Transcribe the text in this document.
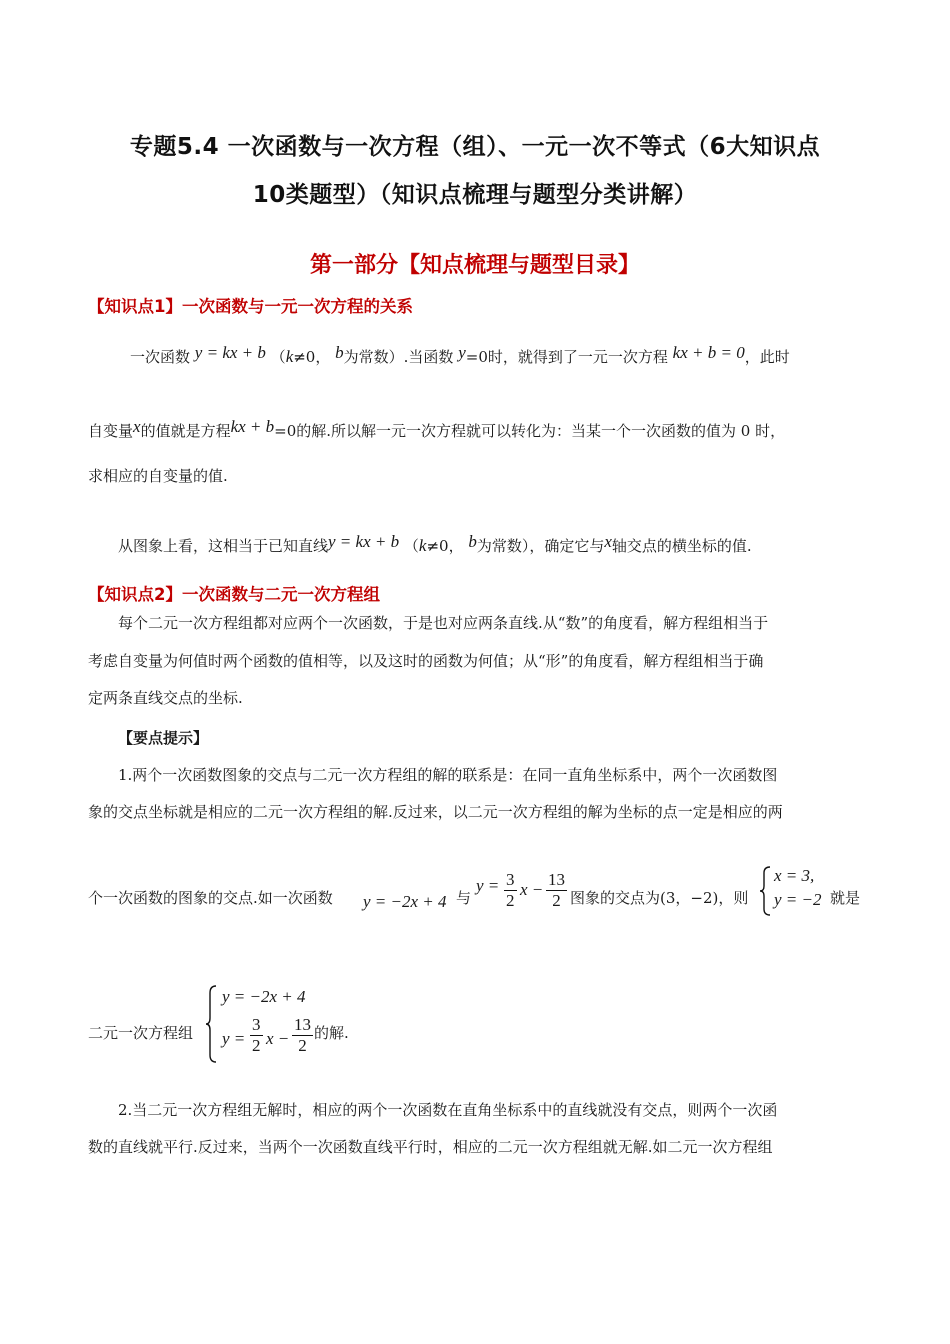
专题5.4 一次函数与一次方程（组）、一元一次不等式（6大知识点
10类题型）（知识点梳理与题型分类讲解）
第一部分【知点梳理与题型目录】
【知识点1】一次函数与一元一次方程的关系
一次函数 y = kx + b （k≠0， b为常数）.当函数 y=0时，就得到了一元一次方程 kx + b = 0，此时
自变量x的值就是方程kx + b=0的解.所以解一元一次方程就可以转化为：当某一个一次函数的值为 0 时，
求相应的自变量的值.
从图象上看，这相当于已知直线y = kx + b （k≠0， b为常数），确定它与x轴交点的横坐标的值.
【知识点2】一次函数与二元一次方程组
每个二元一次方程组都对应两个一次函数，于是也对应两条直线.从“数”的角度看，解方程组相当于
考虑自变量为何值时两个函数的值相等，以及这时的函数为何值；从“形”的角度看，解方程组相当于确
定两条直线交点的坐标.
【要点提示】
1.两个一次函数图象的交点与二元一次方程组的解的联系是：在同一直角坐标系中，两个一次函数图
象的交点坐标就是相应的二元一次方程组的解.反过来，以二元一次方程组的解为坐标的点一定是相应的两
个一次函数的图象的交点.如一次函数 y = −2x + 4 与
$y = \frac{3}{2}$ $x - \frac{13}{2}$ 图象的交点为(3，−2)，则
x = 3,
y = −2 就是
二元一次方程组
y = −2x + 4
$y = \frac{3}{2}$ $x - \frac{13}{2}$ 的解.
2.当二元一次方程组无解时，相应的两个一次函数在直角坐标系中的直线就没有交点，则两个一次函
数的直线就平行.反过来，当两个一次函数直线平行时，相应的二元一次方程组就无解.如二元一次方程组
